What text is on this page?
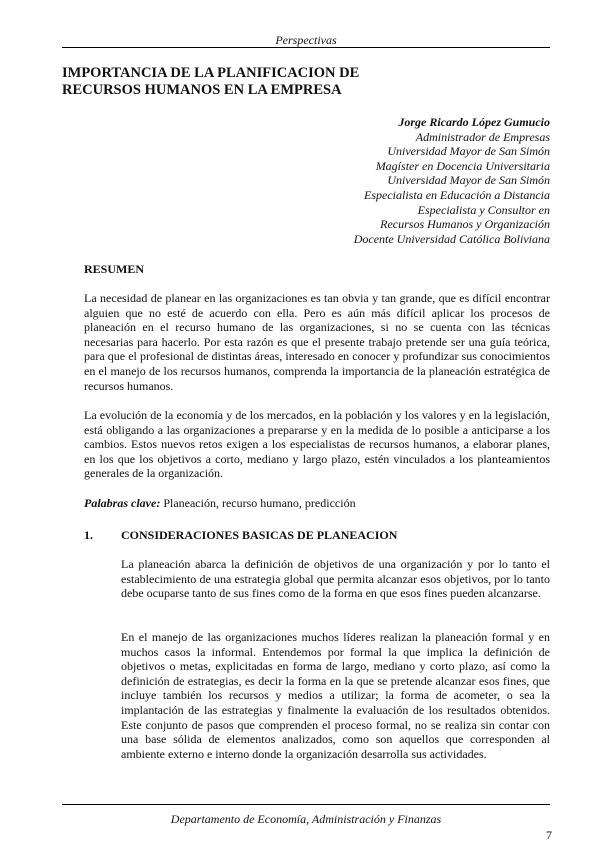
Perspectivas
IMPORTANCIA DE LA PLANIFICACION DE
RECURSOS HUMANOS EN LA EMPRESA
Jorge Ricardo López Gumucio
Administrador de Empresas
Universidad Mayor de San Simón
Magíster en Docencia Universitaria
Universidad Mayor de San Simón
Especialista en Educación a Distancia
Especialista y Consultor en
Recursos Humanos y Organización
Docente Universidad Católica Boliviana
RESUMEN

La necesidad de planear en las organizaciones es tan obvia y tan grande, que es difícil encontrar alguien que no esté de acuerdo con ella. Pero es aún más difícil aplicar los procesos de planeación en el recurso humano de las organizaciones, si no se cuenta con las técnicas necesarias para hacerlo. Por esta razón es que el presente trabajo pretende ser una guía teórica, para que el profesional de distintas áreas, interesado en conocer y profundizar sus conocimientos en el manejo de los recursos humanos, comprenda la importancia de la planeación estratégica de recursos humanos.

La evolución de la economía y de los mercados, en la población y los valores y en la legislación, está obligando a las organizaciones a prepararse y en la medida de lo posible a anticiparse a los cambios. Estos nuevos retos exigen a los especialistas de recursos humanos, a elaborar planes, en los que los objetivos a corto, mediano y largo plazo, estén vinculados a los planteamientos generales de la organización.

Palabras clave: Planeación, recurso humano, predicción

1. CONSIDERACIONES BASICAS DE PLANEACION

La planeación abarca la definición de objetivos de una organización y por lo tanto el establecimiento de una estrategia global que permita alcanzar esos objetivos, por lo tanto debe ocuparse tanto de sus fines como de la forma en que esos fines pueden alcanzarse.

En el manejo de las organizaciones muchos líderes realizan la planeación formal y en muchos casos la informal. Entendemos por formal la que implica la definición de objetivos o metas, explicitadas en forma de largo, mediano y corto plazo, así como la definición de estrategias, es decir la forma en la que se pretende alcanzar esos fines, que incluye también los recursos y medios a utilizar; la forma de acometer, o sea la implantación de las estrategias y finalmente la evaluación de los resultados obtenidos. Este conjunto de pasos que comprenden el proceso formal, no se realiza sin contar con una base sólida de elementos analizados, como son aquellos que corresponden al ambiente externo e interno donde la organización desarrolla sus actividades.

Departamento de Economía, Administración y Finanzas
7
